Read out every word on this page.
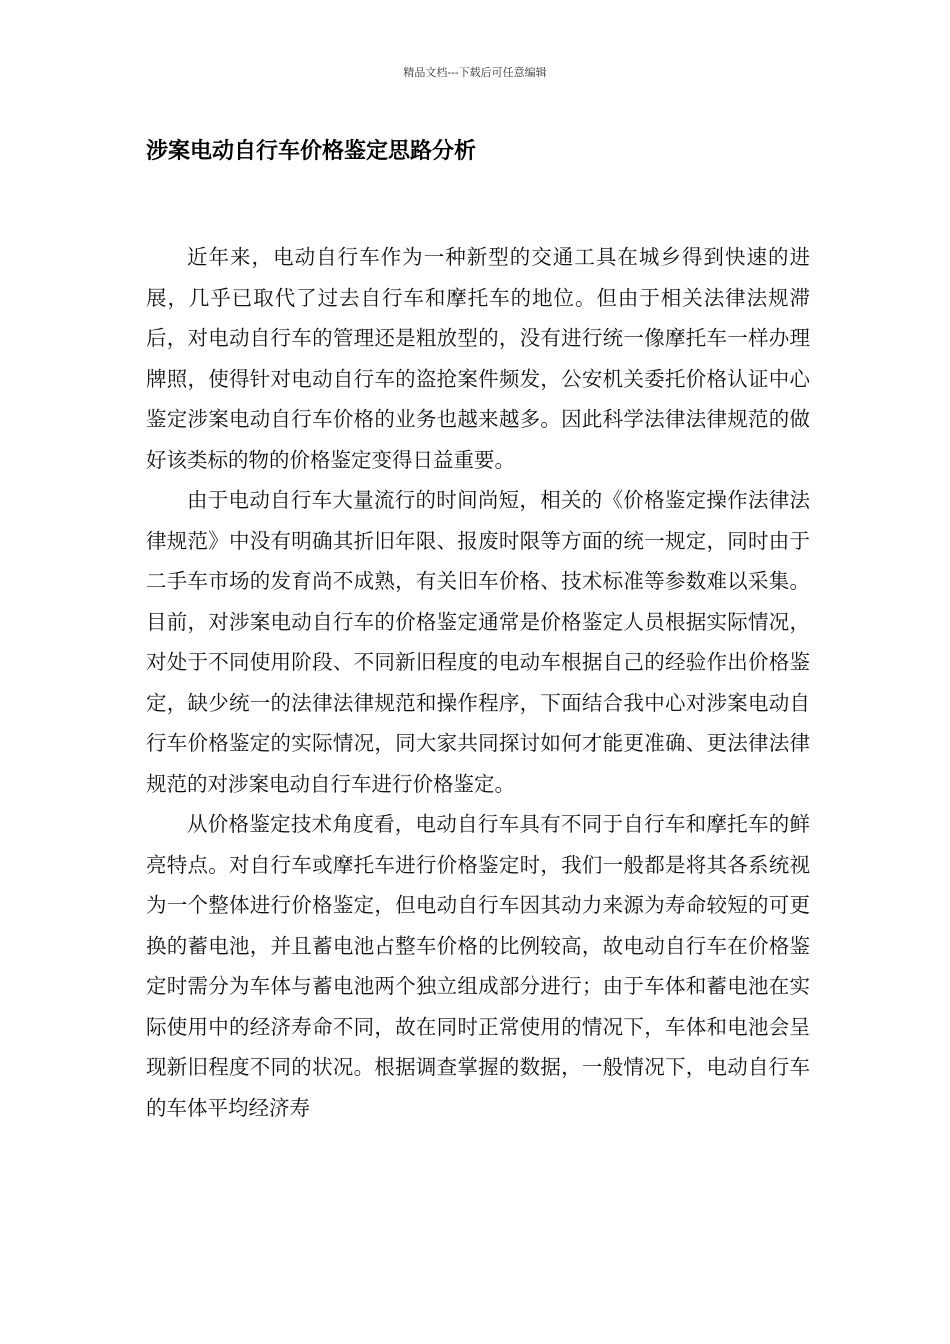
精品文档---下载后可任意编辑
涉案电动自行车价格鉴定思路分析

近年来，电动自行车作为一种新型的交通工具在城乡得到快速的进展，几乎已取代了过去自行车和摩托车的地位。但由于相关法律法规滞后，对电动自行车的管理还是粗放型的，没有进行统一像摩托车一样办理牌照，使得针对电动自行车的盗抢案件频发，公安机关委托价格认证中心鉴定涉案电动自行车价格的业务也越来越多。因此科学法律法律规范的做好该类标的物的价格鉴定变得日益重要。

由于电动自行车大量流行的时间尚短，相关的《价格鉴定操作法律法律规范》中没有明确其折旧年限、报废时限等方面的统一规定，同时由于二手车市场的发育尚不成熟，有关旧车价格、技术标准等参数难以采集。目前，对涉案电动自行车的价格鉴定通常是价格鉴定人员根据实际情况，对处于不同使用阶段、不同新旧程度的电动车根据自己的经验作出价格鉴定，缺少统一的法律法律规范和操作程序，下面结合我中心对涉案电动自行车价格鉴定的实际情况，同大家共同探讨如何才能更准确、更法律法律规范的对涉案电动自行车进行价格鉴定。

从价格鉴定技术角度看，电动自行车具有不同于自行车和摩托车的鲜亮特点。对自行车或摩托车进行价格鉴定时，我们一般都是将其各系统视为一个整体进行价格鉴定，但电动自行车因其动力来源为寿命较短的可更换的蓄电池，并且蓄电池占整车价格的比例较高，故电动自行车在价格鉴定时需分为车体与蓄电池两个独立组成部分进行；由于车体和蓄电池在实际使用中的经济寿命不同，故在同时正常使用的情况下，车体和电池会呈现新旧程度不同的状况。根据调查掌握的数据，一般情况下，电动自行车的车体平均经济寿
